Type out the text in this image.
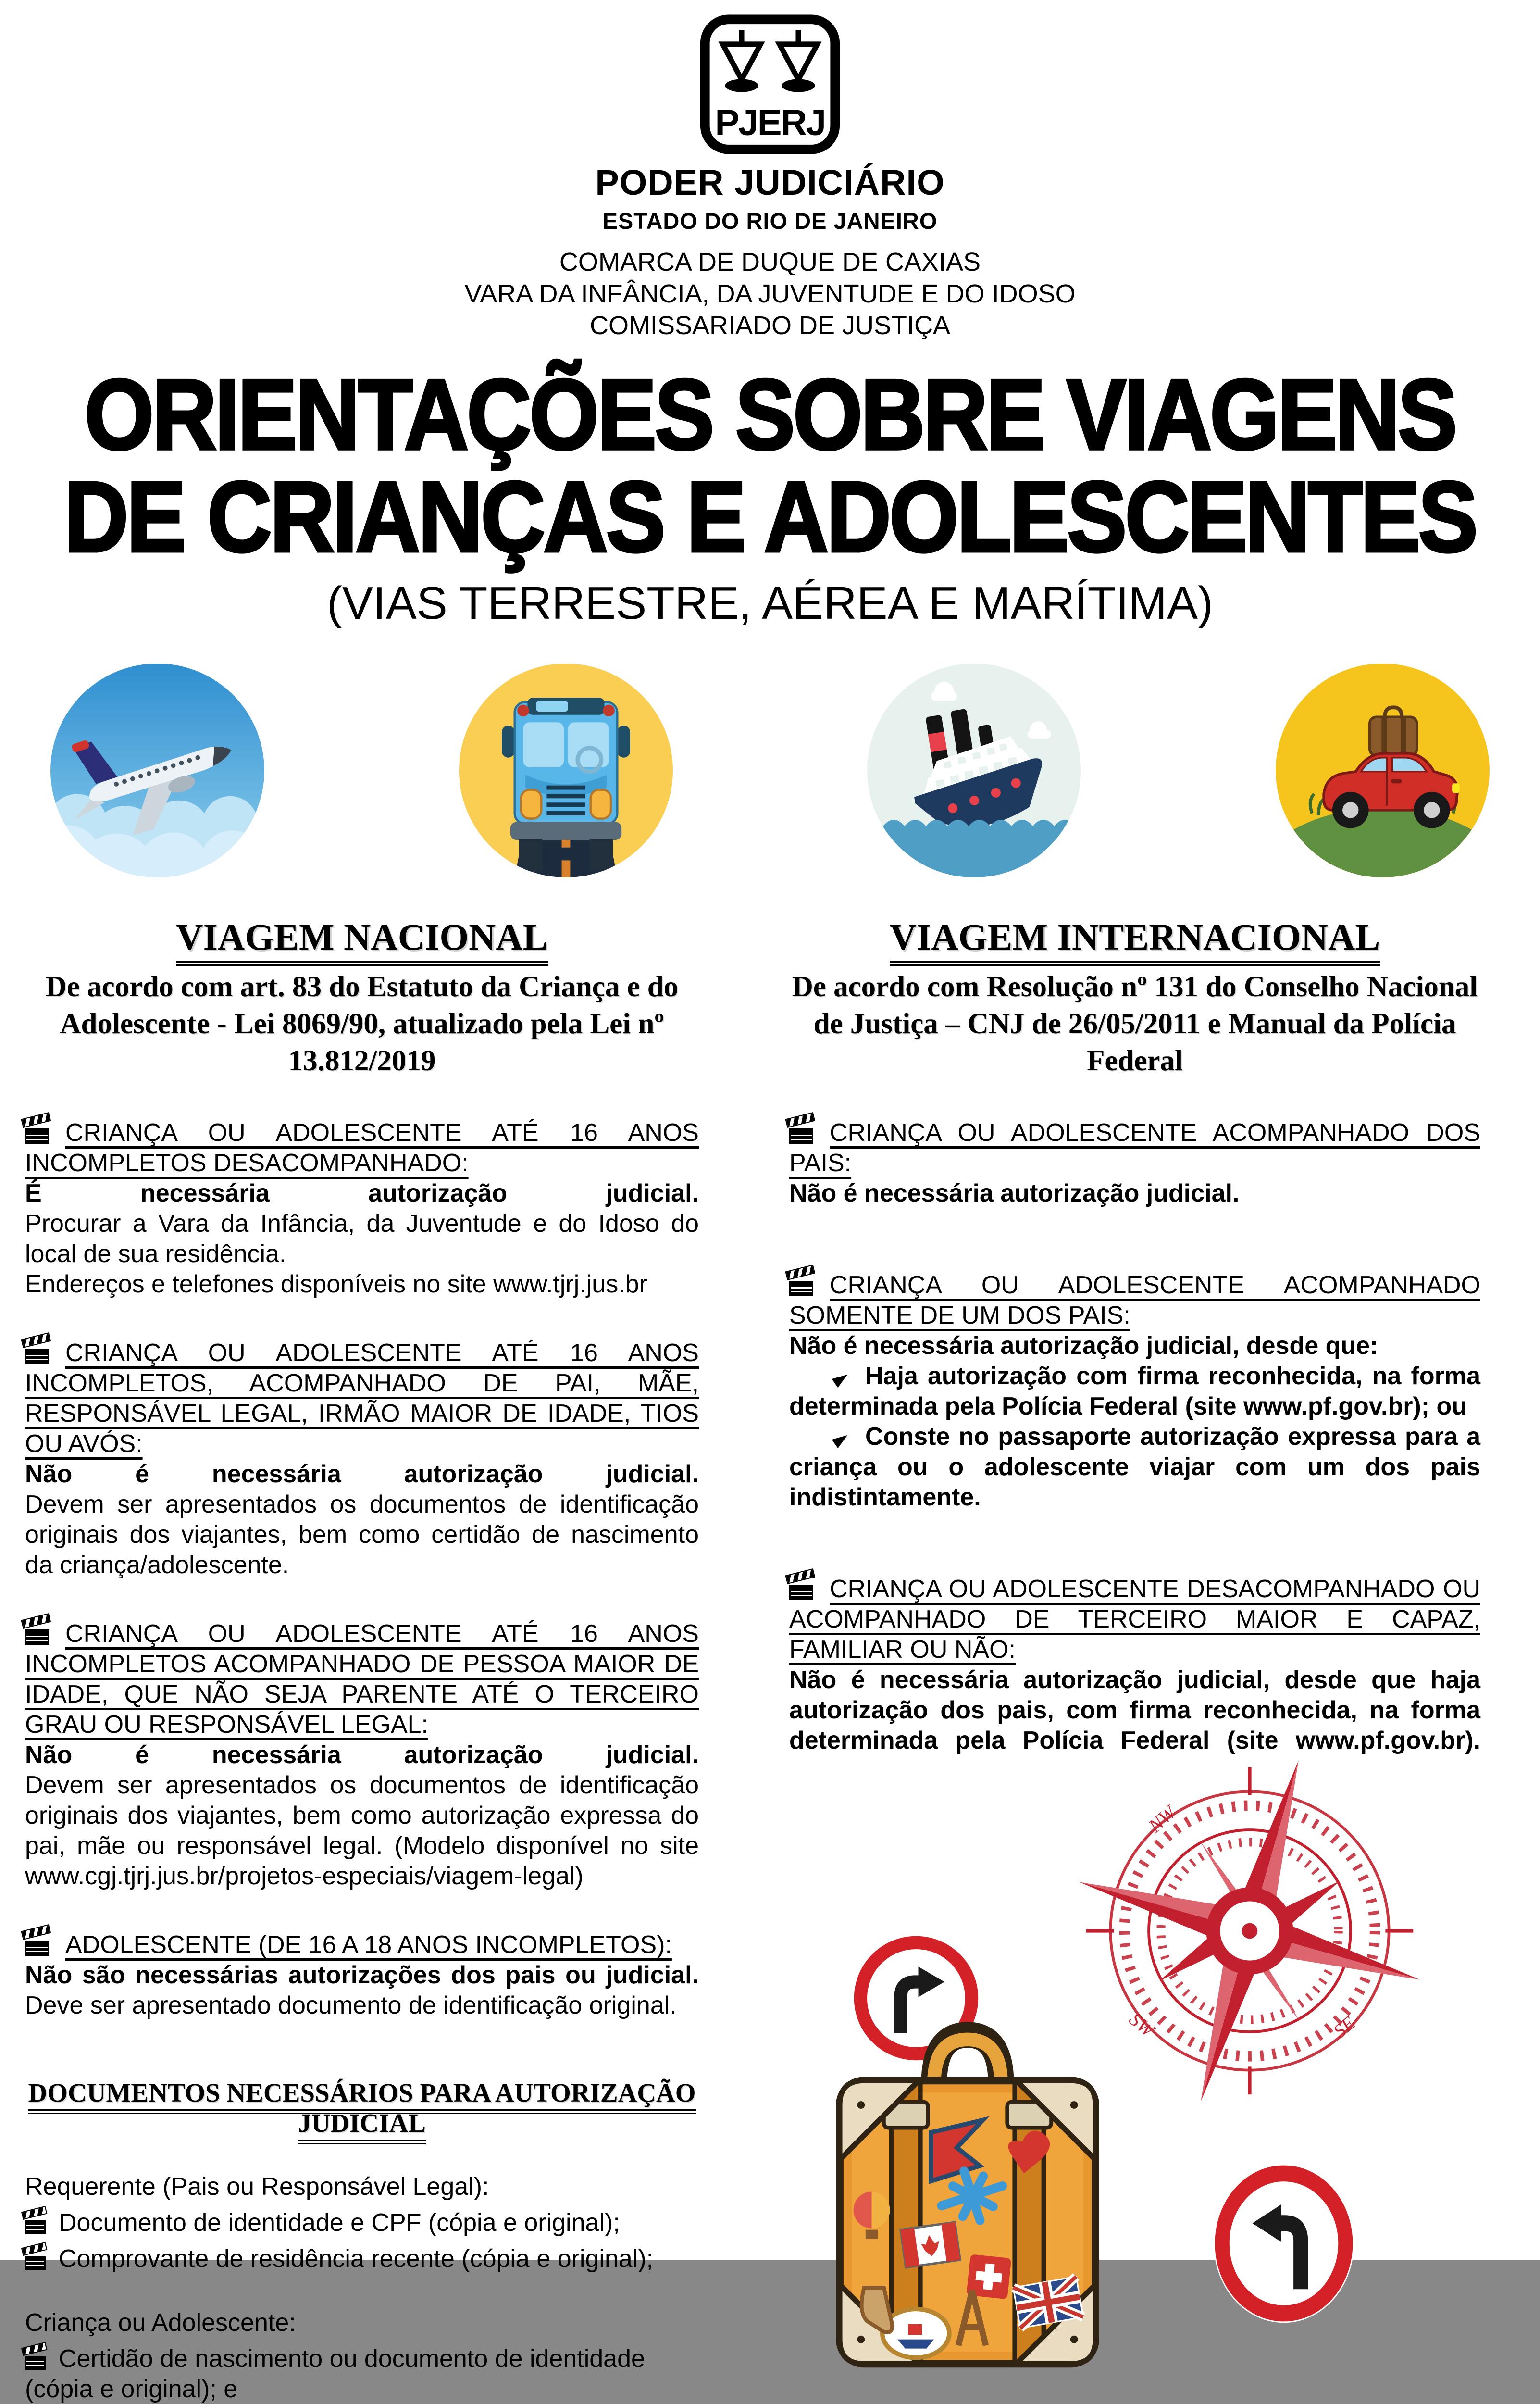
PJERJ
PODER JUDICIÁRIO
ESTADO DO RIO DE JANEIRO
COMARCA DE DUQUE DE CAXIAS
VARA DA INFÂNCIA, DA JUVENTUDE E DO IDOSO
COMISSARIADO DE JUSTIÇA
ORIENTAÇÕES SOBRE VIAGENS
DE CRIANÇAS E ADOLESCENTES
(VIAS TERRESTRE, AÉREA E MARÍTIMA)
VIAGEM NACIONAL
De acordo com art. 83 do Estatuto da Criança e do Adolescente - Lei 8069/90, atualizado pela Lei nº 13.812/2019

CRIANÇA OU ADOLESCENTE ATÉ 16 ANOS INCOMPLETOS DESACOMPANHADO:

É necessária autorização judicial.

Procurar a Vara da Infância, da Juventude e do Idoso do local de sua residência.

Endereços e telefones disponíveis no site www.tjrj.jus.br

CRIANÇA OU ADOLESCENTE ATÉ 16 ANOS INCOMPLETOS, ACOMPANHADO DE PAI, MÃE, RESPONSÁVEL LEGAL, IRMÃO MAIOR DE IDADE, TIOS OU AVÓS:

Não é necessária autorização judicial.

Devem ser apresentados os documentos de identificação originais dos viajantes, bem como certidão de nascimento da criança/adolescente.

CRIANÇA OU ADOLESCENTE ATÉ 16 ANOS INCOMPLETOS ACOMPANHADO DE PESSOA MAIOR DE IDADE, QUE NÃO SEJA PARENTE ATÉ O TERCEIRO GRAU OU RESPONSÁVEL LEGAL:

Não é necessária autorização judicial.

Devem ser apresentados os documentos de identificação originais dos viajantes, bem como autorização expressa do pai, mãe ou responsável legal. (Modelo disponível no site www.cgj.tjrj.jus.br/projetos-especiais/viagem-legal)

ADOLESCENTE (DE 16 A 18 ANOS INCOMPLETOS):

Não são necessárias autorizações dos pais ou judicial. Deve ser apresentado documento de identificação original.

DOCUMENTOS NECESSÁRIOS PARA AUTORIZAÇÃO JUDICIAL

Requerente (Pais ou Responsável Legal):

Documento de identidade e CPF (cópia e original);

Comprovante de residência recente (cópia e original);

Criança ou Adolescente:

Certidão de nascimento ou documento de identidade (cópia e original); e

VIAGEM INTERNACIONAL
De acordo com Resolução nº 131 do Conselho Nacional de Justiça – CNJ de 26/05/2011 e Manual da Polícia Federal

CRIANÇA OU ADOLESCENTE ACOMPANHADO DOS PAIS:

Não é necessária autorização judicial.

CRIANÇA OU ADOLESCENTE ACOMPANHADO SOMENTE DE UM DOS PAIS:

Não é necessária autorização judicial, desde que:

Haja autorização com firma reconhecida, na forma determinada pela Polícia Federal (site www.pf.gov.br); ou

Conste no passaporte autorização expressa para a criança ou o adolescente viajar com um dos pais indistintamente.

CRIANÇA OU ADOLESCENTE DESACOMPANHADO OU ACOMPANHADO DE TERCEIRO MAIOR E CAPAZ, FAMILIAR OU NÃO:

Não é necessária autorização judicial, desde que haja autorização dos pais, com firma reconhecida, na forma determinada pela Polícia Federal (site www.pf.gov.br).

NW
SW	SE
